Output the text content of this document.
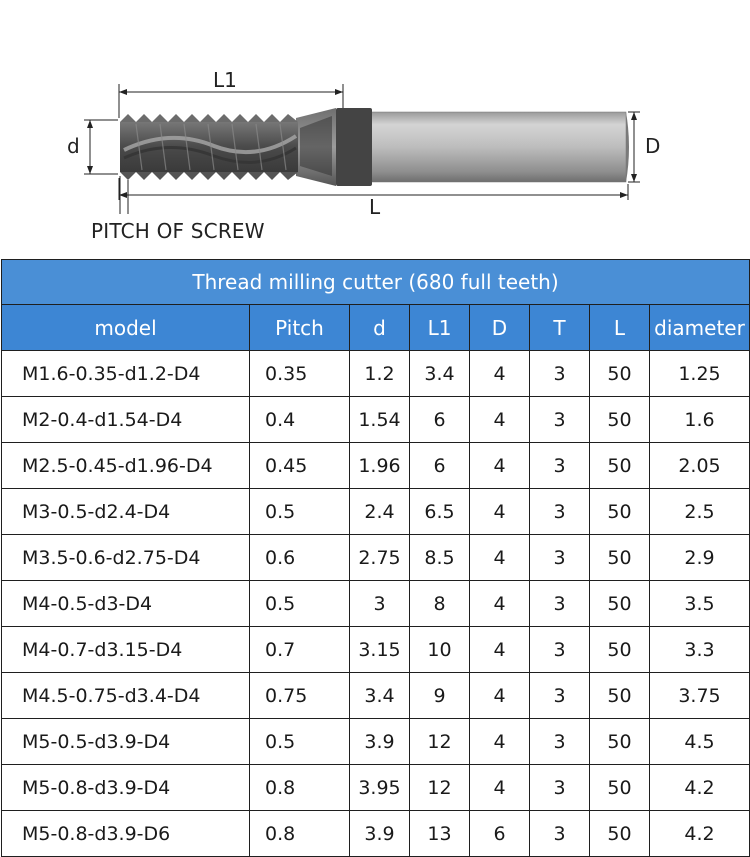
L1
d	D
L
PITCH OF SCREW
Thread milling cutter (680 full teeth)							
model	Pitch	d	L1	D	T	L	diameter
M1.6-0.35-d1.2-D4	0.35	1.2	3.4	4	3	50	1.25
M2-0.4-d1.54-D4	0.4	1.54	6	4	3	50	1.6
M2.5-0.45-d1.96-D4	0.45	1.96	6	4	3	50	2.05
M3-0.5-d2.4-D4	0.5	2.4	6.5	4	3	50	2.5
M3.5-0.6-d2.75-D4	0.6	2.75	8.5	4	3	50	2.9
M4-0.5-d3-D4	0.5	3	8	4	3	50	3.5
M4-0.7-d3.15-D4	0.7	3.15	10	4	3	50	3.3
M4.5-0.75-d3.4-D4	0.75	3.4	9	4	3	50	3.75
M5-0.5-d3.9-D4	0.5	3.9	12	4	3	50	4.5
M5-0.8-d3.9-D4	0.8	3.95	12	4	3	50	4.2
M5-0.8-d3.9-D6	0.8	3.9	13	6	3	50	4.2
